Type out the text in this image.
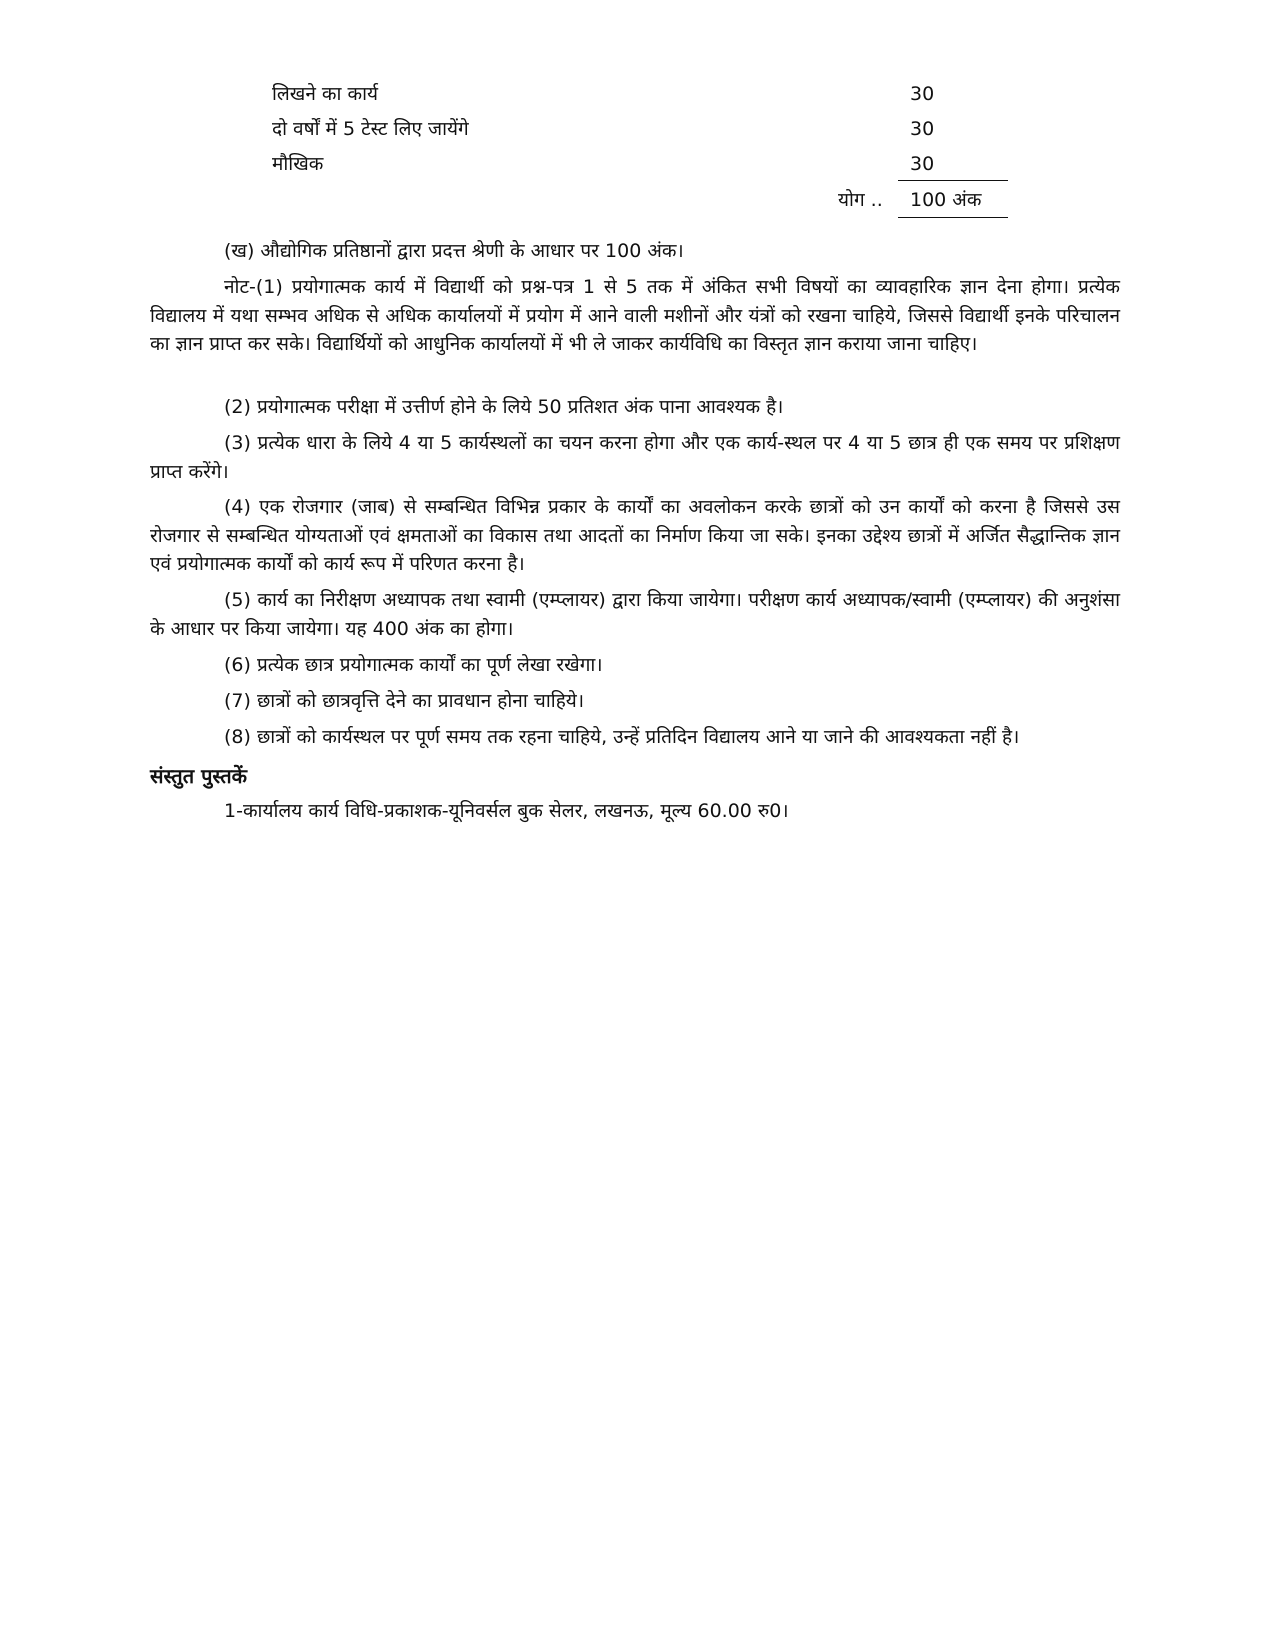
लिखने का कार्य	30
दो वर्षों में 5 टेस्ट लिए जायेंगे	30
मौखिक	30
योग .. 100 अंक

(ख) औद्योगिक प्रतिष्ठानों द्वारा प्रदत्त श्रेणी के आधार पर 100 अंक।

नोट-(1) प्रयोगात्मक कार्य में विद्यार्थी को प्रश्न-पत्र 1 से 5 तक में अंकित सभी विषयों का व्यावहारिक ज्ञान देना होगा। प्रत्येक विद्यालय में यथा सम्भव अधिक से अधिक कार्यालयों में प्रयोग में आने वाली मशीनों और यंत्रों को रखना चाहिये, जिससे विद्यार्थी इनके परिचालन का ज्ञान प्राप्त कर सके। विद्यार्थियों को आधुनिक कार्यालयों में भी ले जाकर कार्यविधि का विस्तृत ज्ञान कराया जाना चाहिए।

(2) प्रयोगात्मक परीक्षा में उत्तीर्ण होने के लिये 50 प्रतिशत अंक पाना आवश्यक है।

(3) प्रत्येक धारा के लिये 4 या 5 कार्यस्थलों का चयन करना होगा और एक कार्य-स्थल पर 4 या 5 छात्र ही एक समय पर प्रशिक्षण प्राप्त करेंगे।

(4) एक रोजगार (जाब) से सम्बन्धित विभिन्न प्रकार के कार्यों का अवलोकन करके छात्रों को उन कार्यों को करना है जिससे उस रोजगार से सम्बन्धित योग्यताओं एवं क्षमताओं का विकास तथा आदतों का निर्माण किया जा सके। इनका उद्देश्य छात्रों में अर्जित सैद्धान्तिक ज्ञान एवं प्रयोगात्मक कार्यों को कार्य रूप में परिणत करना है।

(5) कार्य का निरीक्षण अध्यापक तथा स्वामी (एम्प्लायर) द्वारा किया जायेगा। परीक्षण कार्य अध्यापक/स्वामी (एम्प्लायर) की अनुशंसा के आधार पर किया जायेगा। यह 400 अंक का होगा।

(6) प्रत्येक छात्र प्रयोगात्मक कार्यों का पूर्ण लेखा रखेगा।

(7) छात्रों को छात्रवृत्ति देने का प्रावधान होना चाहिये।

(8) छात्रों को कार्यस्थल पर पूर्ण समय तक रहना चाहिये, उन्हें प्रतिदिन विद्यालय आने या जाने की आवश्यकता नहीं है।

संस्तुत पुस्तकें

1-कार्यालय कार्य विधि-प्रकाशक-यूनिवर्सल बुक सेलर, लखनऊ, मूल्य 60.00 रु0।
